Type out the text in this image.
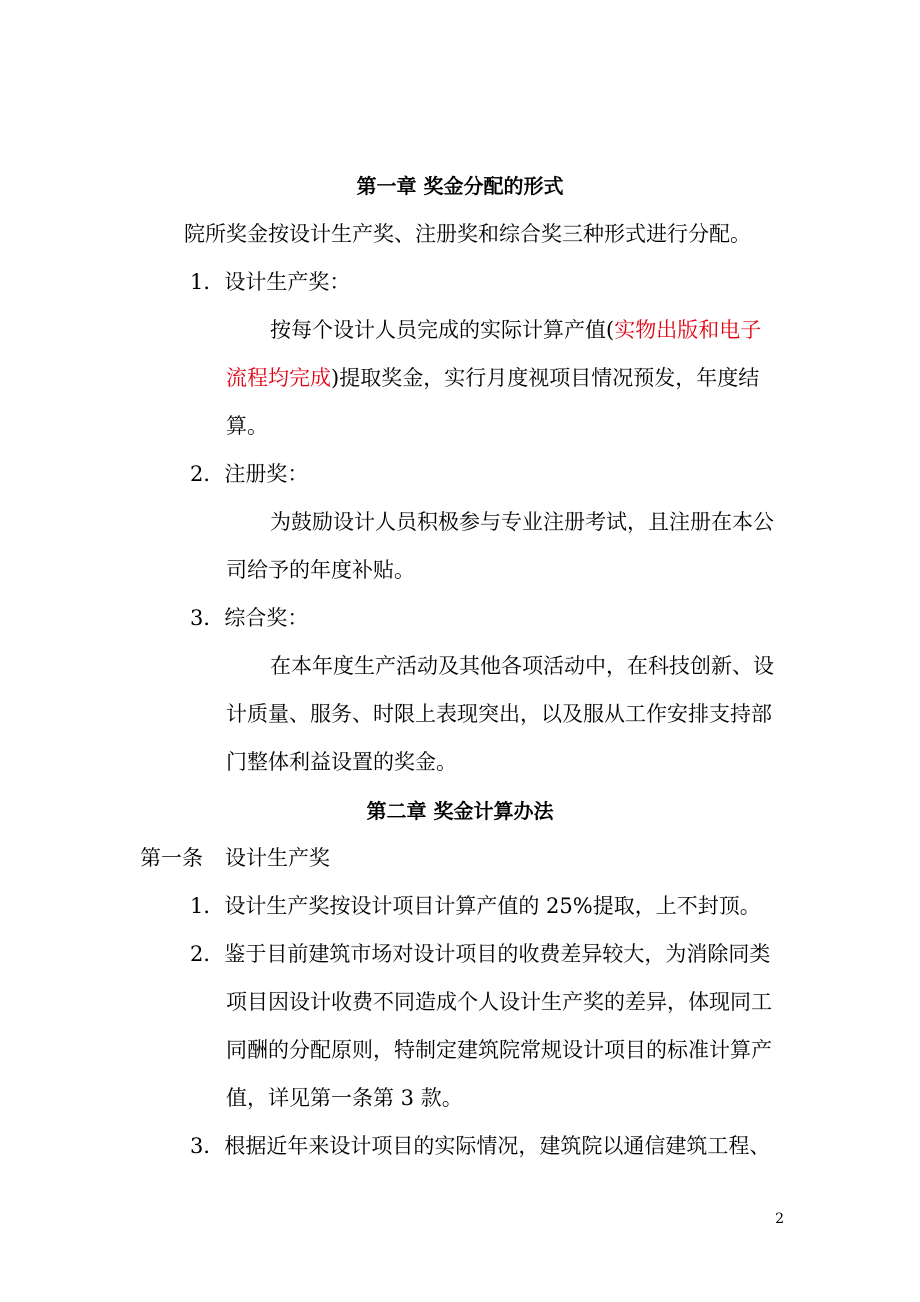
第一章 奖金分配的形式
院所奖金按设计生产奖、注册奖和综合奖三种形式进行分配。
1．设计生产奖：
按每个设计人员完成的实际计算产值(实物出版和电子
流程均完成)提取奖金，实行月度视项目情况预发，年度结
算。
2．注册奖：
为鼓励设计人员积极参与专业注册考试，且注册在本公
司给予的年度补贴。
3．综合奖：
在本年度生产活动及其他各项活动中，在科技创新、设
计质量、服务、时限上表现突出，以及服从工作安排支持部
门整体利益设置的奖金。
第二章 奖金计算办法
第一条 设计生产奖
1．设计生产奖按设计项目计算产值的 25%提取，上不封顶。
2．鉴于目前建筑市场对设计项目的收费差异较大，为消除同类
项目因设计收费不同造成个人设计生产奖的差异，体现同工
同酬的分配原则，特制定建筑院常规设计项目的标准计算产
值，详见第一条第 3 款。
3．根据近年来设计项目的实际情况，建筑院以通信建筑工程、
2
